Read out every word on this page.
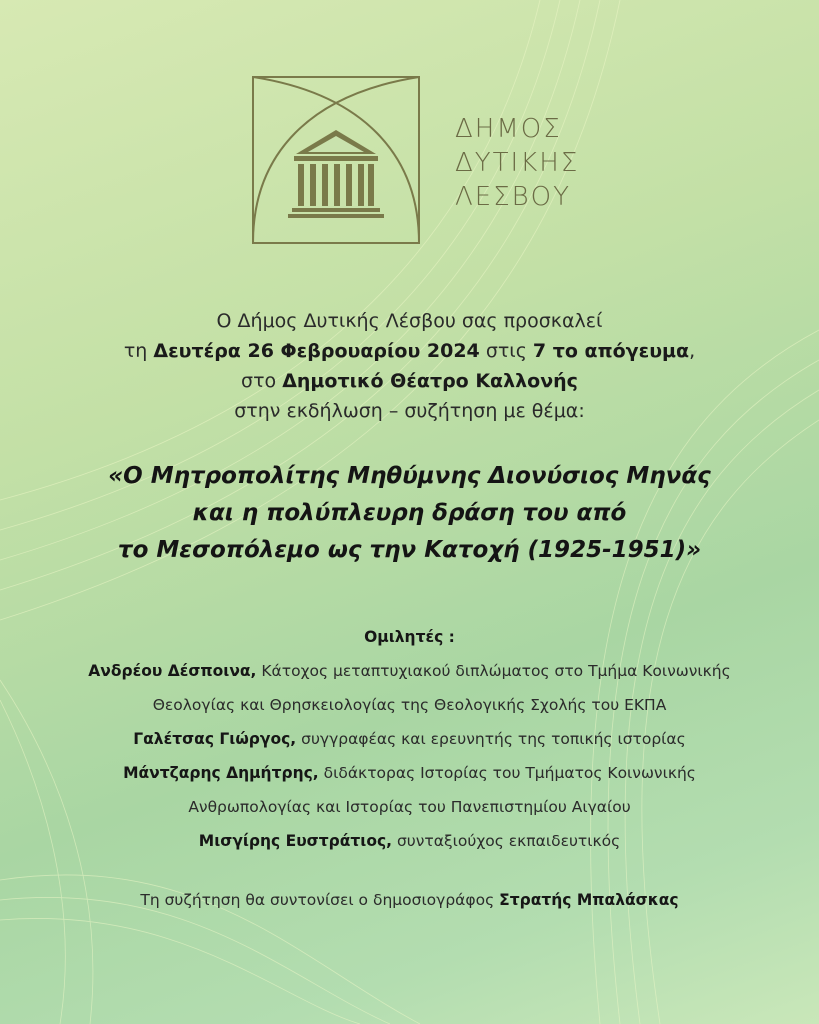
ΔΗΜΟΣ
ΔΥΤΙΚΗΣ
ΛΕΣΒΟΥ
Ο Δήμος Δυτικής Λέσβου σας προσκαλεί
τη Δευτέρα 26 Φεβρουαρίου 2024 στις 7 το απόγευμα,
στο Δημοτικό Θέατρο Καλλονής
στην εκδήλωση – συζήτηση με θέμα:
«Ο Μητροπολίτης Μηθύμνης Διονύσιος Μηνάς
και η πολύπλευρη δράση του από
το Μεσοπόλεμο ως την Κατοχή (1925-1951)»
Ομιλητές :
Ανδρέου Δέσποινα, Κάτοχος μεταπτυχιακού διπλώματος στο Τμήμα Κοινωνικής
Θεολογίας και Θρησκειολογίας της Θεολογικής Σχολής του ΕΚΠΑ
Γαλέτσας Γιώργος, συγγραφέας και ερευνητής της τοπικής ιστορίας
Μάντζαρης Δημήτρης, διδάκτορας Ιστορίας του Τμήματος Κοινωνικής
Ανθρωπολογίας και Ιστορίας του Πανεπιστημίου Αιγαίου
Μισγίρης Ευστράτιος, συνταξιούχος εκπαιδευτικός
Τη συζήτηση θα συντονίσει ο δημοσιογράφος Στρατής Μπαλάσκας
